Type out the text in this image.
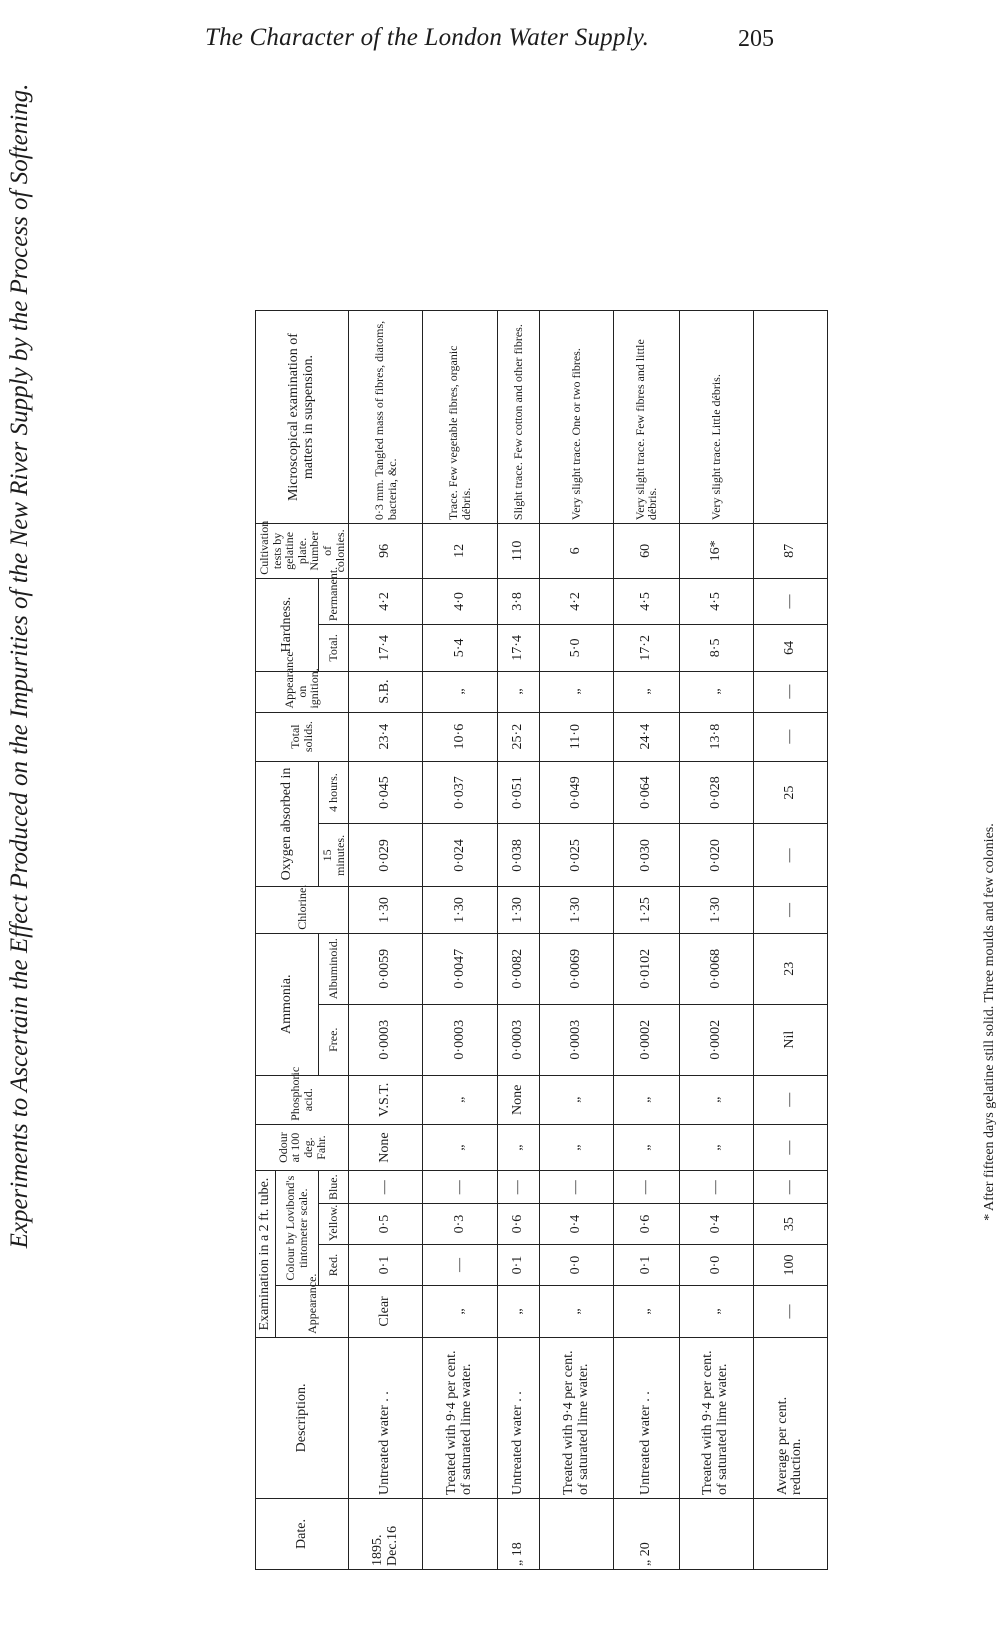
The Character of the London Water Supply.	205
Experiments to Ascertain the Effect Produced on the Impurities of the New River Supply by the Process of Softening.	* After fifteen days gelatine still solid. Three moulds and few colonies.
Date.	Description.	Examination in a 2 ft. tube.				Odour at 100 deg. Fahr.	Phosphoric acid.	Ammonia.		Chlorine.	Oxygen absorbed in		Total solids.	Appearance on ignition.	Hardness.		Cultivation tests by gelatine plate. Number of colonies.	Microscopical examination of matters in suspension.
		Appearance.	Colour by Lovibond's tintometer scale.															
			Red.	Yellow.	Blue.			Free.	Albuminoid.		15 minutes.	4 hours.			Total.	Permanent.		
1895. Dec.16	Untreated water . .	Clear	0·1	0·5	—	None	V.S.T.	0·0003	0·0059	1·30	0·029	0·045	23·4	S.B.	17·4	4·2	96	0·3 mm. Tangled mass of fibres, diatoms, bacteria, &c.
	Treated with 9·4 per cent. of saturated lime water.	„	—	0·3	—	„	„	0·0003	0·0047	1·30	0·024	0·037	10·6	„	5·4	4·0	12	Trace. Few vegetable fibres, organic débris.
„ 18	Untreated water . .	„	0·1	0·6	—	„	None	0·0003	0·0082	1·30	0·038	0·051	25·2	„	17·4	3·8	110	Slight trace. Few cotton and other fibres.
	Treated with 9·4 per cent. of saturated lime water.	„	0·0	0·4	—	„	„	0·0003	0·0069	1·30	0·025	0·049	11·0	„	5·0	4·2	6	Very slight trace. One or two fibres.
„ 20	Untreated water . .	„	0·1	0·6	—	„	„	0·0002	0·0102	1·25	0·030	0·064	24·4	„	17·2	4·5	60	Very slight trace. Few fibres and little débris.
	Treated with 9·4 per cent. of saturated lime water.	„	0·0	0·4	—	„	„	0·0002	0·0068	1·30	0·020	0·028	13·8	„	8·5	4·5	16*	Very slight trace. Little débris.
	Average per cent. reduction.	—	100	35	—	—	—	Nil	23	—	—	25	—	—	64	—	87	
